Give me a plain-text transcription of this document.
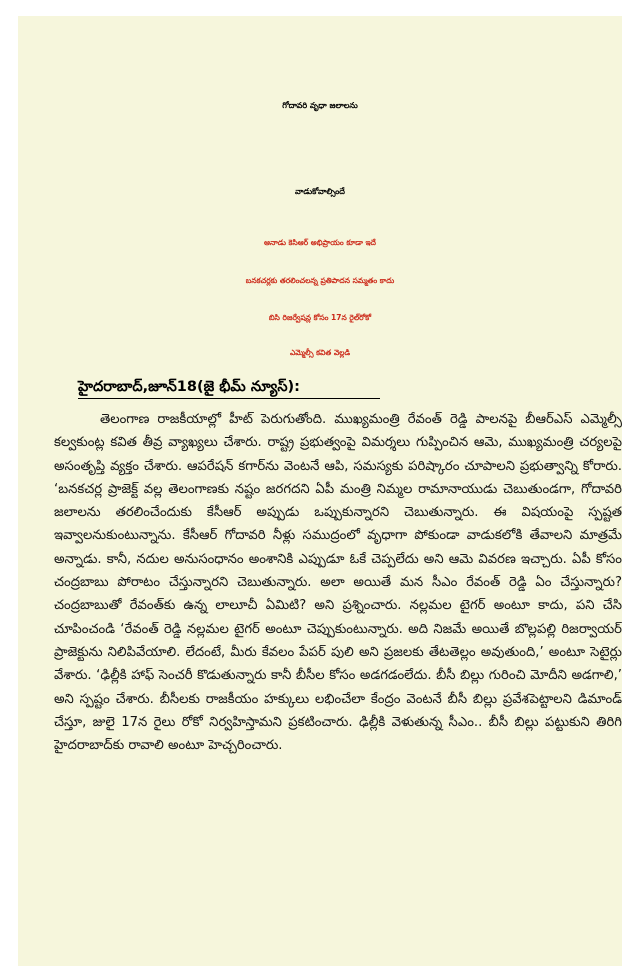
గోదావరి వృధా జలాలను
వాడుకోవాల్సిందే
ఆనాడు కెసిఆర్ అభిప్రాయం కూడా ఇదే
బనకచర్లకు తరలించలన్న ప్రతిపాదన సమ్మతం కాదు
బిసి రిజర్వేషన్ల కోసం 17న రైల్‌రోకో
ఎమ్మెల్సీ కవిత వెల్లడి
హైదరాబాద్,జూన్18(జై భీమ్ న్యూస్):

తెలంగాణ రాజకీయాల్లో హీట్ పెరుగుతోంది. ముఖ్యమంత్రి రేవంత్ రెడ్డి పాలనపై బీఆర్ఎస్ ఎమ్మెల్సీ కల్వకుంట్ల కవిత తీవ్ర వ్యాఖ్యలు చేశారు. రాష్ట్ర ప్రభుత్వంపై విమర్శలు గుప్పించిన ఆమె, ముఖ్యమంత్రి చర్యలపై అసంతృప్తి వ్యక్తం చేశారు. ఆపరేషన్ కగార్‌ను వెంటనే ఆపి, సమస్యకు పరిష్కారం చూపాలని ప్రభుత్వాన్ని కోరారు. ‘బనకచర్ల ప్రాజెక్ట్ వల్ల తెలంగాణకు నష్టం జరగదని ఏపీ మంత్రి నిమ్మల రామానాయుడు చెబుతుండగా, గోదావరి జలాలను తరలించేందుకు కేసీఆర్ అప్పుడు ఒప్పుకున్నారని చెబుతున్నారు. ఈ విషయంపై స్పష్టత ఇవ్వాలనుకుంటున్నాను. కేసీఆర్ గోదావరి నీళ్లు సముద్రంలో వృధాగా పోకుండా వాడుకలోకి తేవాలని మాత్రమే అన్నాడు. కానీ, నదుల అనుసంధానం అంశానికి ఎప్పుడూ ఓకే చెప్పలేదు అని ఆమె వివరణ ఇచ్చారు. ఏపీ కోసం చంద్రబాబు పోరాటం చేస్తున్నారని చెబుతున్నారు. అలా అయితే మన సీఎం రేవంత్ రెడ్డి ఏం చేస్తున్నారు? చంద్రబాబుతో రేవంత్‌కు ఉన్న లాలూచీ ఏమిటి? అని ప్రశ్నించారు. నల్లమల టైగర్ అంటూ కాదు, పని చేసి చూపించండి ‘రేవంత్ రెడ్డి నల్లమల టైగర్ అంటూ చెప్పుకుంటున్నారు. అది నిజమే అయితే బొల్లపల్లి రిజర్వాయర్ ప్రాజెక్టును నిలిపివేయాలి. లేదంటే, మీరు కేవలం పేపర్ పులి అని ప్రజలకు తేటతెల్లం అవుతుంది,’ అంటూ సెటైర్లు వేశారు. ‘ఢిల్లీకి హాఫ్ సెంచరీ కొడుతున్నారు కానీ బీసీల కోసం అడగడంలేదు. బీసీ బిల్లు గురించి మోదీని అడగాలి,’ అని స్పష్టం చేశారు. బీసీలకు రాజకీయం హక్కులు లభించేలా కేంద్రం వెంటనే బీసీ బిల్లు ప్రవేశపెట్టాలని డిమాండ్ చేస్తూ, జులై 17న రైలు రోకో నిర్వహిస్తామని ప్రకటించారు. ఢిల్లీకి వెళుతున్న సీఎం.. బీసీ బిల్లు పట్టుకుని తిరిగి హైదరాబాద్‌కు రావాలి అంటూ హెచ్చరించారు.
